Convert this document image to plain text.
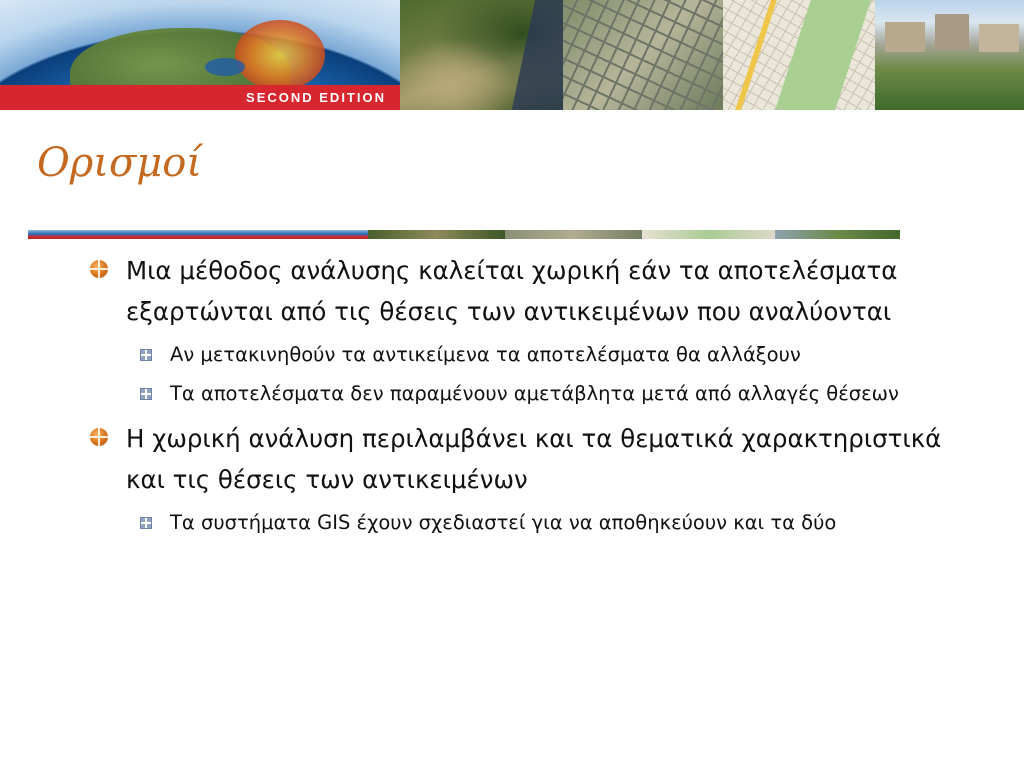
SECOND EDITION
Ορισμοί
Μια μέθοδος ανάλυσης καλείται χωρική εάν τα αποτελέσματα εξαρτώνται από τις θέσεις των αντικειμένων που αναλύονται
Αν μετακινηθούν τα αντικείμενα τα αποτελέσματα θα αλλάξουν
Τα αποτελέσματα δεν παραμένουν αμετάβλητα μετά από αλλαγές θέσεων
Η χωρική ανάλυση περιλαμβάνει και τα θεματικά χαρακτηριστικά και τις θέσεις των αντικειμένων
Τα συστήματα GIS έχουν σχεδιαστεί για να αποθηκεύουν και τα δύο
